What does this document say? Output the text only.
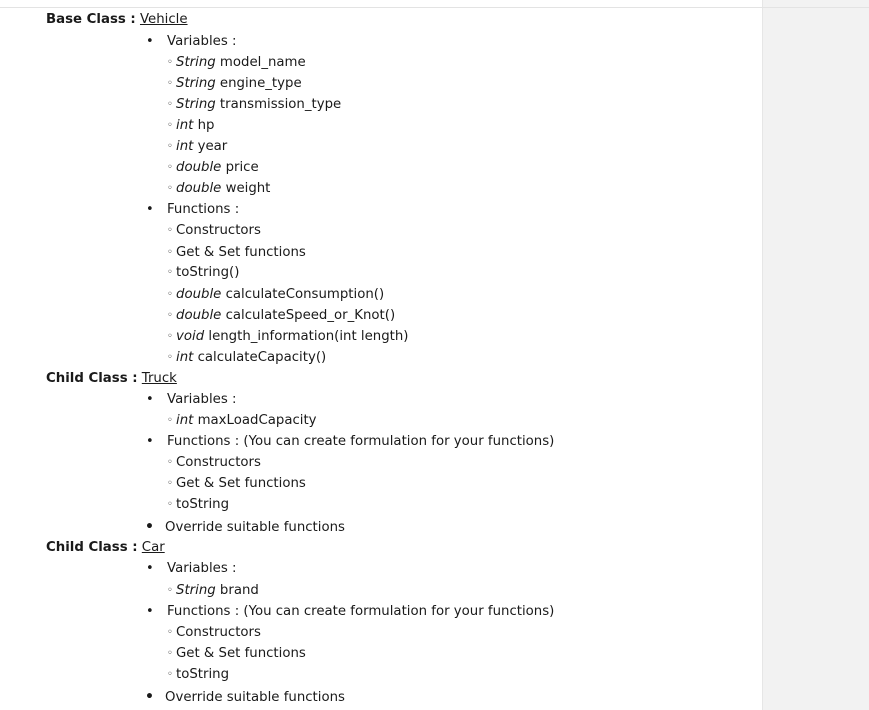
Base Class : Vehicle
• Variables :
◦ String model_name
◦ String engine_type
◦ String transmission_type
◦ int hp
◦ int year
◦ double price
◦ double weight
• Functions :
◦ Constructors
◦ Get & Set functions
◦ toString()
◦ double calculateConsumption()
◦ double calculateSpeed_or_Knot()
◦ void length_information(int length)
◦ int calculateCapacity()
Child Class : Truck
• Variables :
◦ int maxLoadCapacity
• Functions : (You can create formulation for your functions)
◦ Constructors
◦ Get & Set functions
◦ toString
• Override suitable functions
Child Class : Car
• Variables :
◦ String brand
• Functions : (You can create formulation for your functions)
◦ Constructors
◦ Get & Set functions
◦ toString
• Override suitable functions
